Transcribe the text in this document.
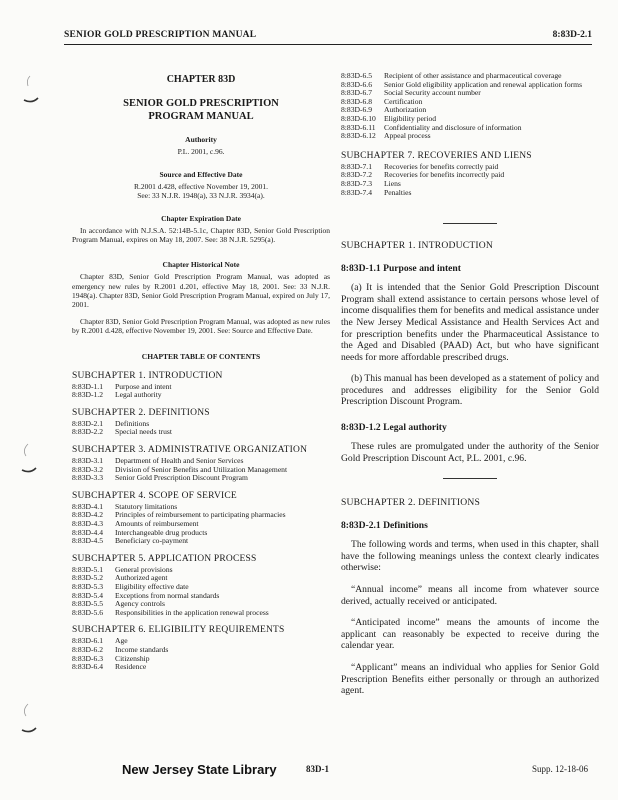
SENIOR GOLD PRESCRIPTION MANUAL	8:83D-2.1
CHAPTER 83D
SENIOR GOLD PRESCRIPTION
PROGRAM MANUAL
Authority
P.L. 2001, c.96.
Source and Effective Date
R.2001 d.428, effective November 19, 2001.
See: 33 N.J.R. 1948(a), 33 N.J.R. 3934(a).
Chapter Expiration Date
In accordance with N.J.S.A. 52:14B-5.1c, Chapter 83D, Senior Gold Prescription Program Manual, expires on May 18, 2007. See: 38 N.J.R. 5295(a).
Chapter Historical Note
Chapter 83D, Senior Gold Prescription Program Manual, was adopted as emergency new rules by R.2001 d.201, effective May 18, 2001. See: 33 N.J.R. 1948(a). Chapter 83D, Senior Gold Prescription Program Manual, expired on July 17, 2001.
Chapter 83D, Senior Gold Prescription Program Manual, was adopted as new rules by R.2001 d.428, effective November 19, 2001. See: Source and Effective Date.
CHAPTER TABLE OF CONTENTS
SUBCHAPTER 1. INTRODUCTION
8:83D-1.1	Purpose and intent
8:83D-1.2	Legal authority
SUBCHAPTER 2. DEFINITIONS
8:83D-2.1	Definitions
8:83D-2.2	Special needs trust
SUBCHAPTER 3. ADMINISTRATIVE ORGANIZATION
8:83D-3.1	Department of Health and Senior Services
8:83D-3.2	Division of Senior Benefits and Utilization Management
8:83D-3.3	Senior Gold Prescription Discount Program
SUBCHAPTER 4. SCOPE OF SERVICE
8:83D-4.1	Statutory limitations
8:83D-4.2	Principles of reimbursement to participating pharmacies
8:83D-4.3	Amounts of reimbursement
8:83D-4.4	Interchangeable drug products
8:83D-4.5	Beneficiary co-payment
SUBCHAPTER 5. APPLICATION PROCESS
8:83D-5.1	General provisions
8:83D-5.2	Authorized agent
8:83D-5.3	Eligibility effective date
8:83D-5.4	Exceptions from normal standards
8:83D-5.5	Agency controls
8:83D-5.6	Responsibilities in the application renewal process
SUBCHAPTER 6. ELIGIBILITY REQUIREMENTS
8:83D-6.1	Age
8:83D-6.2	Income standards
8:83D-6.3	Citizenship
8:83D-6.4	Residence
8:83D-6.5	Recipient of other assistance and pharmaceutical coverage
8:83D-6.6	Senior Gold eligibility application and renewal application forms
8:83D-6.7	Social Security account number
8:83D-6.8	Certification
8:83D-6.9	Authorization
8:83D-6.10	Eligibility period
8:83D-6.11	Confidentiality and disclosure of information
8:83D-6.12	Appeal process
SUBCHAPTER 7. RECOVERIES AND LIENS
8:83D-7.1	Recoveries for benefits correctly paid
8:83D-7.2	Recoveries for benefits incorrectly paid
8:83D-7.3	Liens
8:83D-7.4	Penalties
SUBCHAPTER 1. INTRODUCTION
8:83D-1.1 Purpose and intent
(a) It is intended that the Senior Gold Prescription Discount Program shall extend assistance to certain persons whose level of income disqualifies them for benefits and medical assistance under the New Jersey Medical Assistance and Health Services Act and for prescription benefits under the Pharmaceutical Assistance to the Aged and Disabled (PAAD) Act, but who have significant needs for more affordable prescribed drugs.
(b) This manual has been developed as a statement of policy and procedures and addresses eligibility for the Senior Gold Prescription Discount Program.
8:83D-1.2 Legal authority
These rules are promulgated under the authority of the Senior Gold Prescription Discount Act, P.L. 2001, c.96.
SUBCHAPTER 2. DEFINITIONS
8:83D-2.1 Definitions
The following words and terms, when used in this chapter, shall have the following meanings unless the context clearly indicates otherwise:
“Annual income” means all income from whatever source derived, actually received or anticipated.
“Anticipated income” means the amounts of income the applicant can reasonably be expected to receive during the calendar year.
“Applicant” means an individual who applies for Senior Gold Prescription Benefits either personally or through an authorized agent.
New Jersey State Library	83D-1	Supp. 12-18-06
